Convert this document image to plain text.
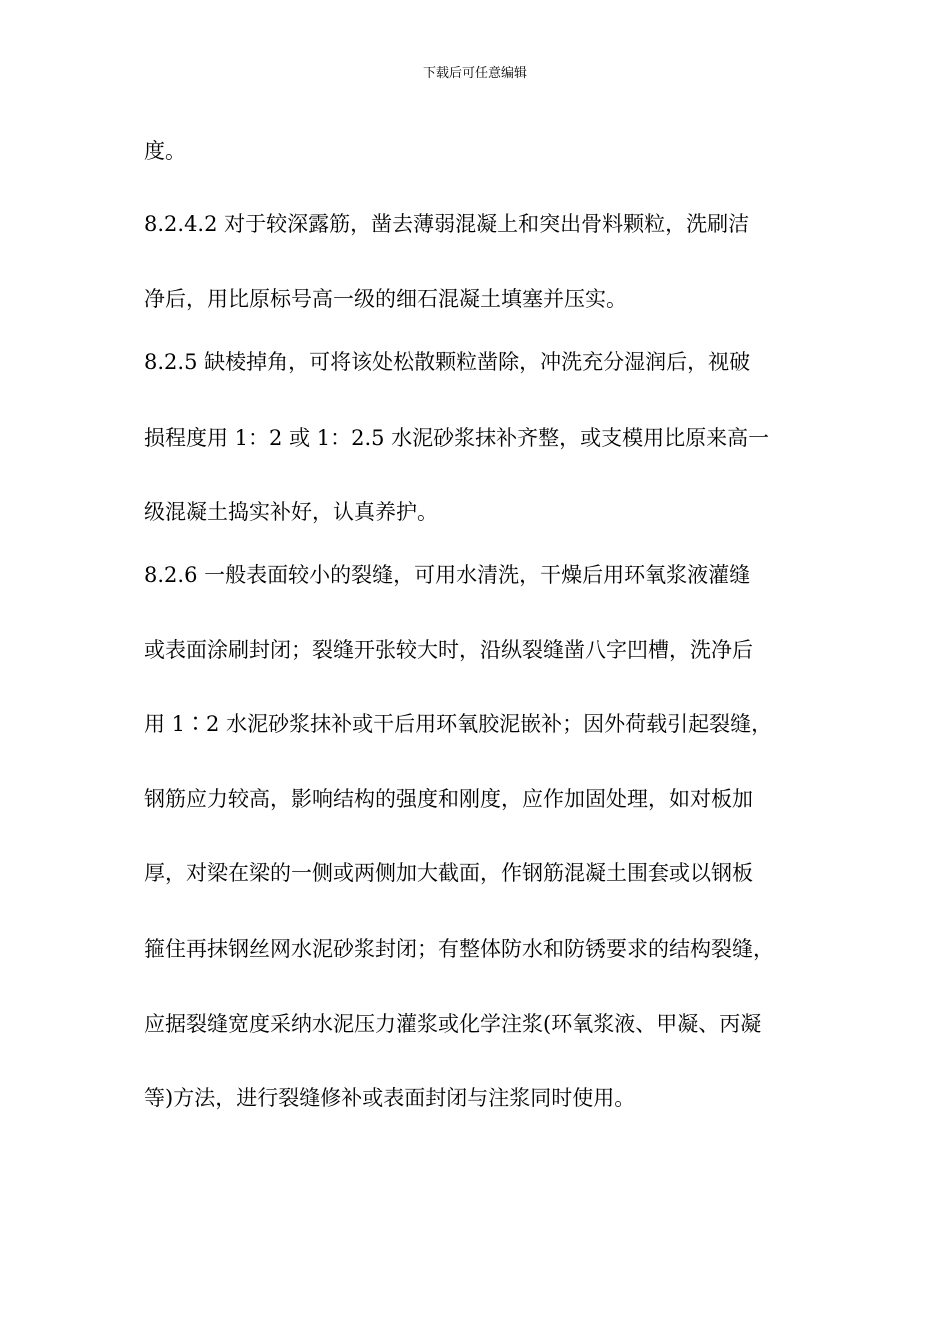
下载后可任意编辑
度。
8.2.4.2 对于较深露筋，凿去薄弱混凝上和突出骨料颗粒，洗刷洁
净后，用比原标号高一级的细石混凝土填塞并压实。
8.2.5 缺棱掉角，可将该处松散颗粒凿除，冲洗充分湿润后，视破
损程度用 1：2 或 1：2.5 水泥砂浆抹补齐整，或支模用比原来高一
级混凝土捣实补好，认真养护。
8.2.6 一般表面较小的裂缝，可用水清洗，干燥后用环氧浆液灌缝
或表面涂刷封闭；裂缝开张较大时，沿纵裂缝凿八字凹槽，洗净后
用 1∶2 水泥砂浆抹补或干后用环氧胶泥嵌补；因外荷载引起裂缝，
钢筋应力较高，影响结构的强度和刚度，应作加固处理，如对板加
厚，对梁在梁的一侧或两侧加大截面，作钢筋混凝土围套或以钢板
箍住再抹钢丝网水泥砂浆封闭；有整体防水和防锈要求的结构裂缝，
应据裂缝宽度采纳水泥压力灌浆或化学注浆(环氧浆液、甲凝、丙凝
等)方法，进行裂缝修补或表面封闭与注浆同时使用。
